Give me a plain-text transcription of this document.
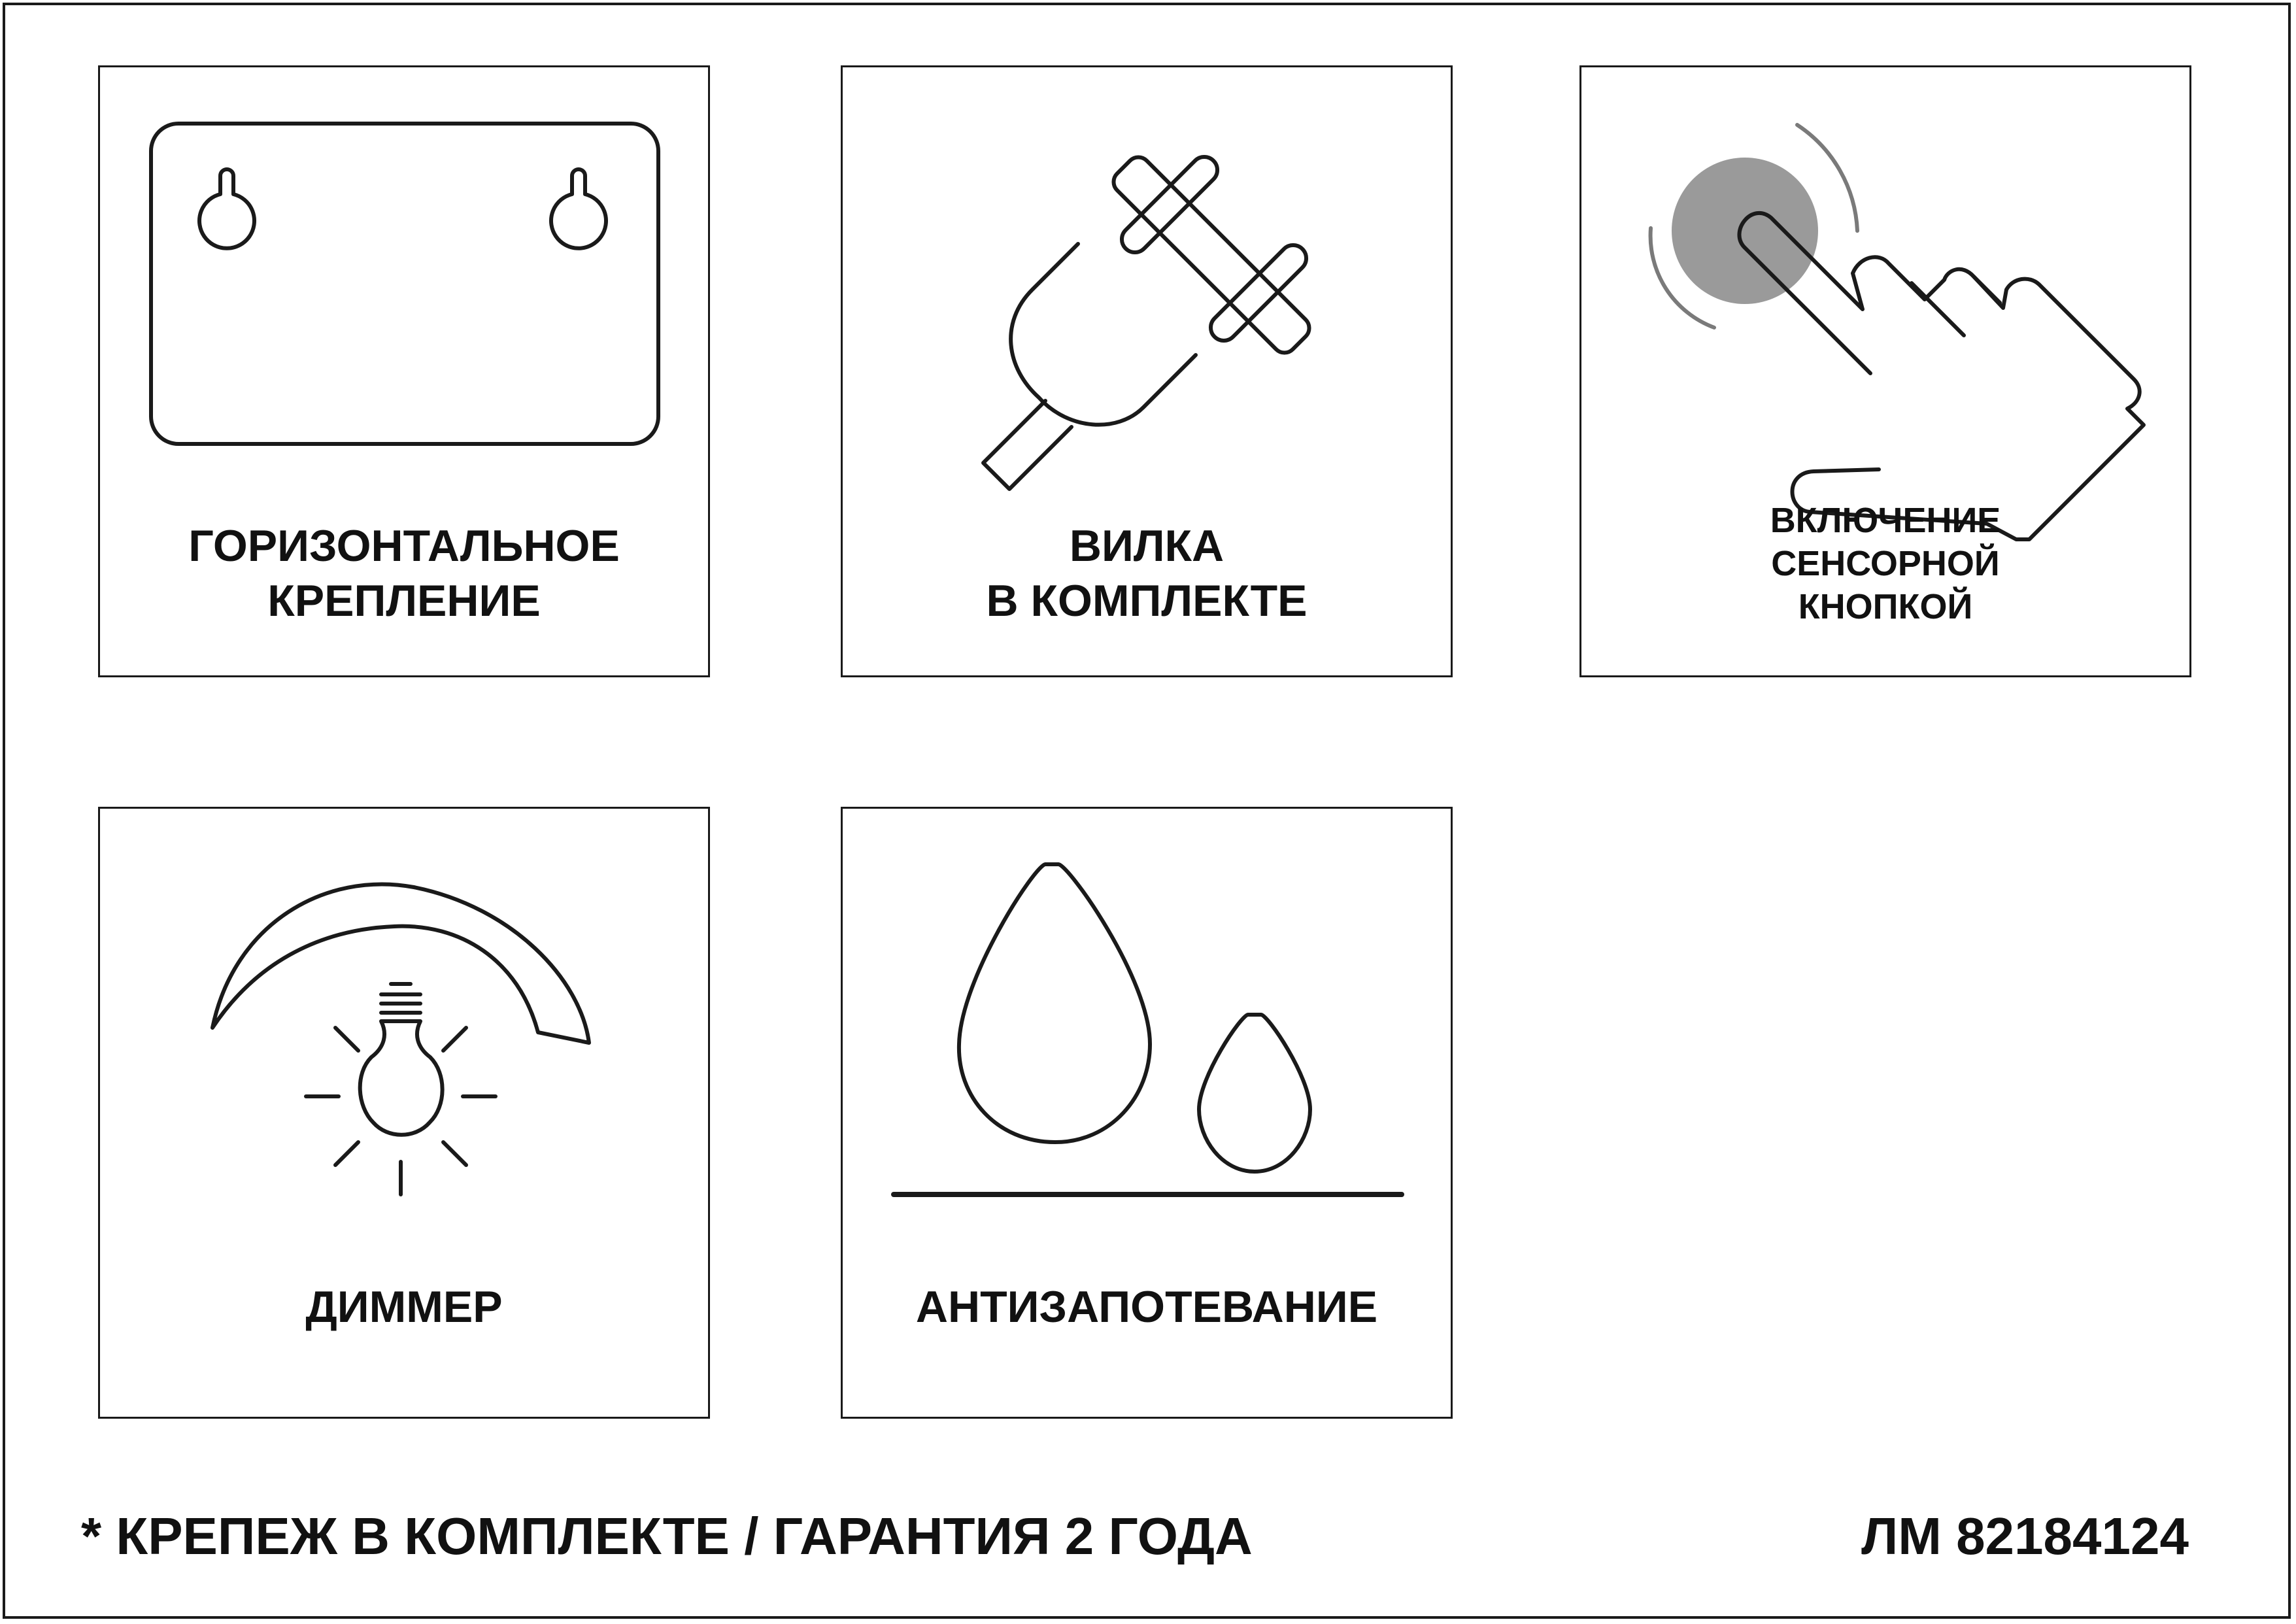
ГОРИЗОНТАЛЬНОЕ
КРЕПЛЕНИЕ
ВИЛКА
В КОМПЛЕКТЕ
ВКЛЮЧЕНИЕ
СЕНСОРНОЙ
КНОПКОЙ
ДИММЕР	АНТИЗАПОТЕВАНИЕ
* КРЕПЕЖ В КОМПЛЕКТЕ / ГАРАНТИЯ 2 ГОДА	ЛМ 82184124
